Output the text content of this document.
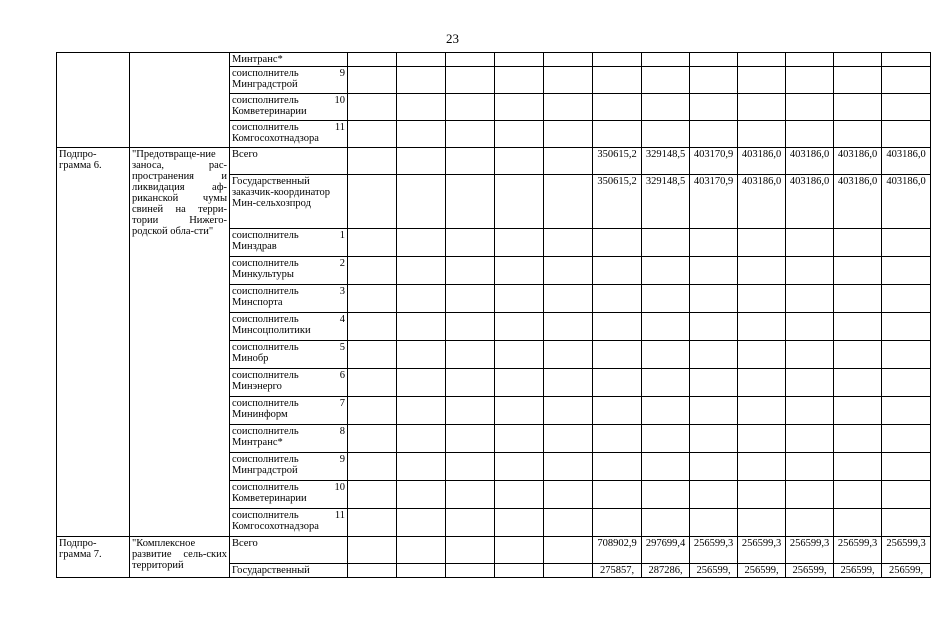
23

		Минтранс*												

		соисполнитель 9
Минградстрой												

		соисполнитель 10
Комветеринарии												

		соисполнитель 11
Комгосохотнадзора												

Подпро-грамма 6.	"Предотвраще-ние заноса, рас-пространения и ликвидация аф-риканской чумы свиней на терри-тории Нижего-родской обла-сти"	Всего						350615,2	329148,5	403170,9	403186,0	403186,0	403186,0	403186,0
		Государственный заказчик-координатор Мин-сельхозпрод						350615,2	329148,5	403170,9	403186,0	403186,0	403186,0	403186,0

		соисполнитель 1
Минздрав												

		соисполнитель 2
Минкультуры												

		соисполнитель 3
Минспорта												

		соисполнитель 4
Минсоцполитики												

		соисполнитель 5
Минобр												

		соисполнитель 6
Минэнерго												

		соисполнитель 7
Мининформ												

		соисполнитель 8
Минтранс*												

		соисполнитель 9
Минградстрой												

		соисполнитель 10
Комветеринарии												

		соисполнитель 11
Комгосохотнадзора												

Подпро-грамма 7.	"Комплексное развитие сель-ских территорий	Всего						708902,9	297699,4	256599,3	256599,3	256599,3	256599,3	256599,3
		Государственный						275857,	287286,	256599,	256599,	256599,	256599,	256599,
